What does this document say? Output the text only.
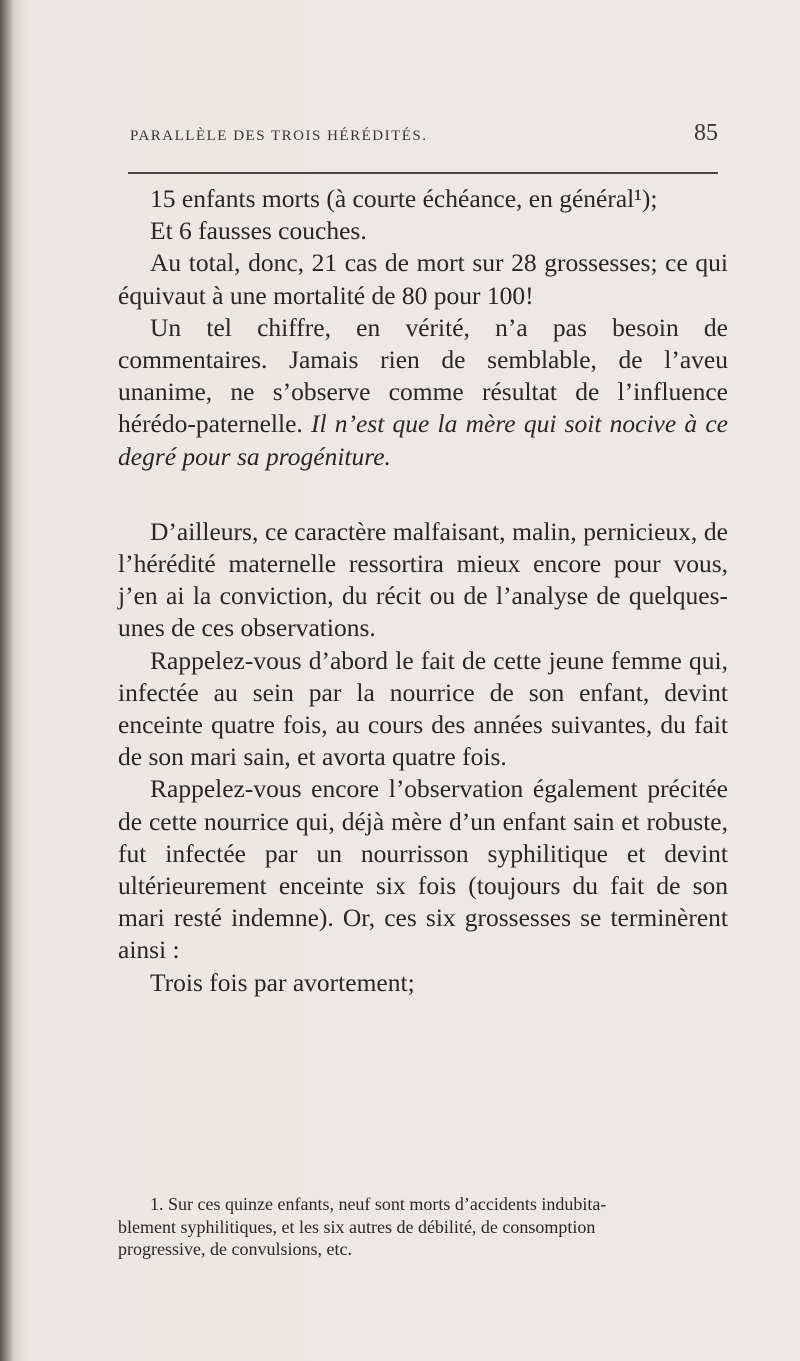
PARALLÈLE DES TROIS HÉRÉDITÉS.	85

15 enfants morts (à courte échéance, en général¹);

Et 6 fausses couches.

Au total, donc, 21 cas de mort sur 28 grossesses; ce qui équivaut à une mortalité de 80 pour 100!

Un tel chiffre, en vérité, n’a pas besoin de commentaires. Jamais rien de semblable, de l’aveu unanime, ne s’observe comme résultat de l’influence hérédo-paternelle. Il n’est que la mère qui soit nocive à ce degré pour sa progéniture.

D’ailleurs, ce caractère malfaisant, malin, pernicieux, de l’hérédité maternelle ressortira mieux encore pour vous, j’en ai la conviction, du récit ou de l’analyse de quelques-unes de ces observations.

Rappelez-vous d’abord le fait de cette jeune femme qui, infectée au sein par la nourrice de son enfant, devint enceinte quatre fois, au cours des années suivantes, du fait de son mari sain, et avorta quatre fois.

Rappelez-vous encore l’observation également précitée de cette nourrice qui, déjà mère d’un enfant sain et robuste, fut infectée par un nourrisson syphilitique et devint ultérieurement enceinte six fois (toujours du fait de son mari resté indemne). Or, ces six grossesses se terminèrent ainsi :

Trois fois par avortement;

1. Sur ces quinze enfants, neuf sont morts d’accidents indubita-
blement syphilitiques, et les six autres de débilité, de consomption
progressive, de convulsions, etc.
